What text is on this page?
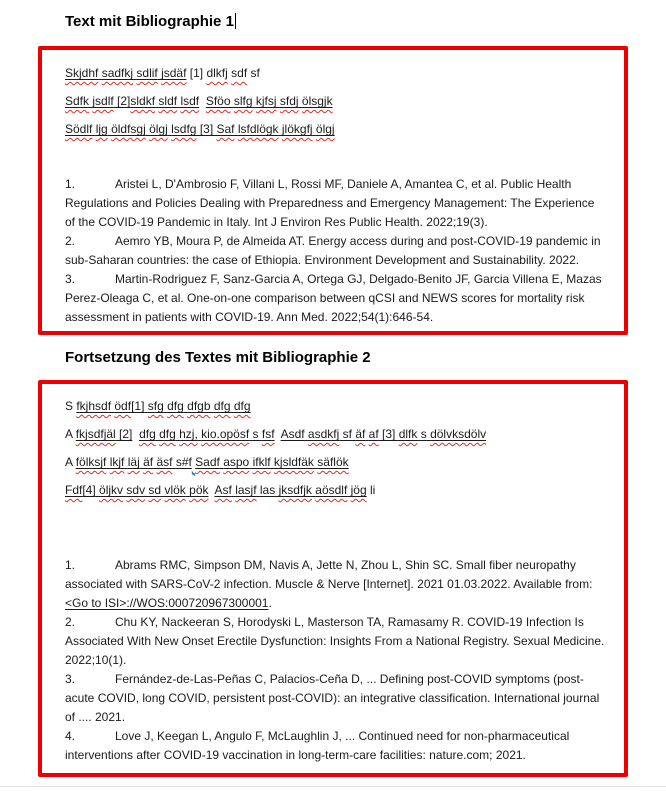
Text mit Bibliographie 1

Skjdhf sadfkj sdlif jsdäf [1] dlkfj sdf sf

Sdfk jsdlf [2]sldkf sldf lsdf Sföo slfg kjfsj sfdj ölsgjk

Södlf ljg öldfsgj ölgj lsdfg [3] Saf lsfdlögk jlökgfj ölgj

1.	Aristei L, D'Ambrosio F, Villani L, Rossi MF, Daniele A, Amantea C, et al. Public Health Regulations and Policies Dealing with Preparedness and Emergency Management: The Experience of the COVID-19 Pandemic in Italy. Int J Environ Res Public Health. 2022;19(3).

2.	Aemro YB, Moura P, de Almeida AT. Energy access during and post-COVID-19 pandemic in sub-Saharan countries: the case of Ethiopia. Environment Development and Sustainability. 2022.

3.	Martin-Rodriguez F, Sanz-Garcia A, Ortega GJ, Delgado-Benito JF, Garcia Villena E, Mazas Perez-Oleaga C, et al. One-on-one comparison between qCSI and NEWS scores for mortality risk assessment in patients with COVID-19. Ann Med. 2022;54(1):646-54.

Fortsetzung des Textes mit Bibliographie 2

S fkjhsdf ödf[1] sfg dfg dfgb dfg dfg

A fkjsdfjäl [2] dfg dfg hzj, kio.opösf s fsf Asdf asdkfj sf äf af [3] dlfk s dölvksdölv

A fölksjf lkjf läj äf äsf s#f Sadf aspo ifklf kjsldfäk säflök

Fdf[4] öljkv sdv sd vlök pök Asf lasjf las jksdfjk aösdlf jög li

1.	Abrams RMC, Simpson DM, Navis A, Jette N, Zhou L, Shin SC. Small fiber neuropathy associated with SARS-CoV-2 infection. Muscle & Nerve [Internet]. 2021 01.03.2022. Available from: <Go to ISI>://WOS:000720967300001.

2.	Chu KY, Nackeeran S, Horodyski L, Masterson TA, Ramasamy R. COVID-19 Infection Is Associated With New Onset Erectile Dysfunction: Insights From a National Registry. Sexual Medicine. 2022;10(1).

3.	Fernández-de-Las-Peñas C, Palacios-Ceña D, ... Defining post-COVID symptoms (post-acute COVID, long COVID, persistent post-COVID): an integrative classification. International journal of .... 2021.

4.	Love J, Keegan L, Angulo F, McLaughlin J, ... Continued need for non-pharmaceutical interventions after COVID-19 vaccination in long-term-care facilities: nature.com; 2021.
